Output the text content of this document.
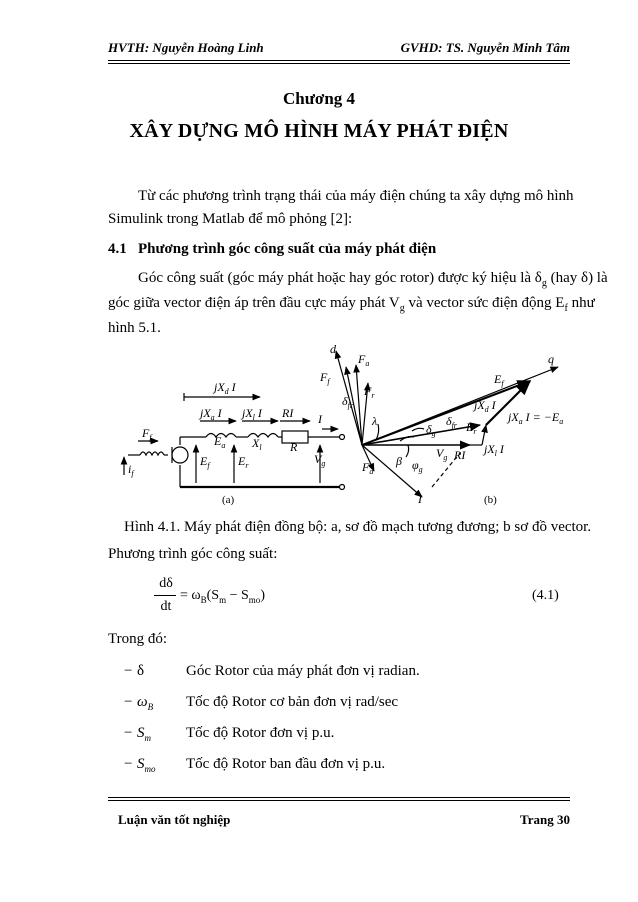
HVTH: Nguyễn Hoàng Linh	GVHD: TS. Nguyễn Minh Tâm
Chương 4
XÂY DỰNG MÔ HÌNH MÁY PHÁT ĐIỆN
Từ các phương trình trạng thái của máy điện chúng ta xây dựng mô hình
Simulink trong Matlab để mô phỏng [2]:
4.1 Phương trình góc công suất của máy phát điện
Góc công suất (góc máy phát hoặc hay góc rotor) được ký hiệu là $\delta_g$ (hay δ) là
góc giữa vector điện áp trên đầu cực máy phát $V_g$ và vector sức điện động $E_f$ như
hình 5.1.
$jX_d$ I
$jX_a$ I $jX_l$ I RI I
$F_f$
$i_f$
$E_f$
$E_a$
$E_r$
$X_l$ R
$V_g$
(a)
d
q
$F_f$
$F_a$
$F_r$
$\delta_{fr}$
λ
$F_a$
β
$E_f$
$jX_d$ I
$\delta_g$
$\delta_{fr}$
$jX_a$ $I = -E_a$
$E_r$
$V_g$
$\varphi_g$
RI $jX_l$ I
I	(b)
Hình 4.1. Máy phát điện đồng bộ: a, sơ đồ mạch tương đương; b sơ đồ vector.
Phương trình góc công suất:
dδ
dt
= $\omega_B(S_m - S_{mo})$	(4.1)
Trong đó:
− δ	Góc Rotor của máy phát đơn vị radian.
− $\omega_B$ Tốc độ Rotor cơ bản đơn vị rad/sec
− $S_m$ Tốc độ Rotor đơn vị p.u.
− $S_{mo}$ Tốc độ Rotor ban đầu đơn vị p.u.
Luận văn tốt nghiệp	Trang 30
